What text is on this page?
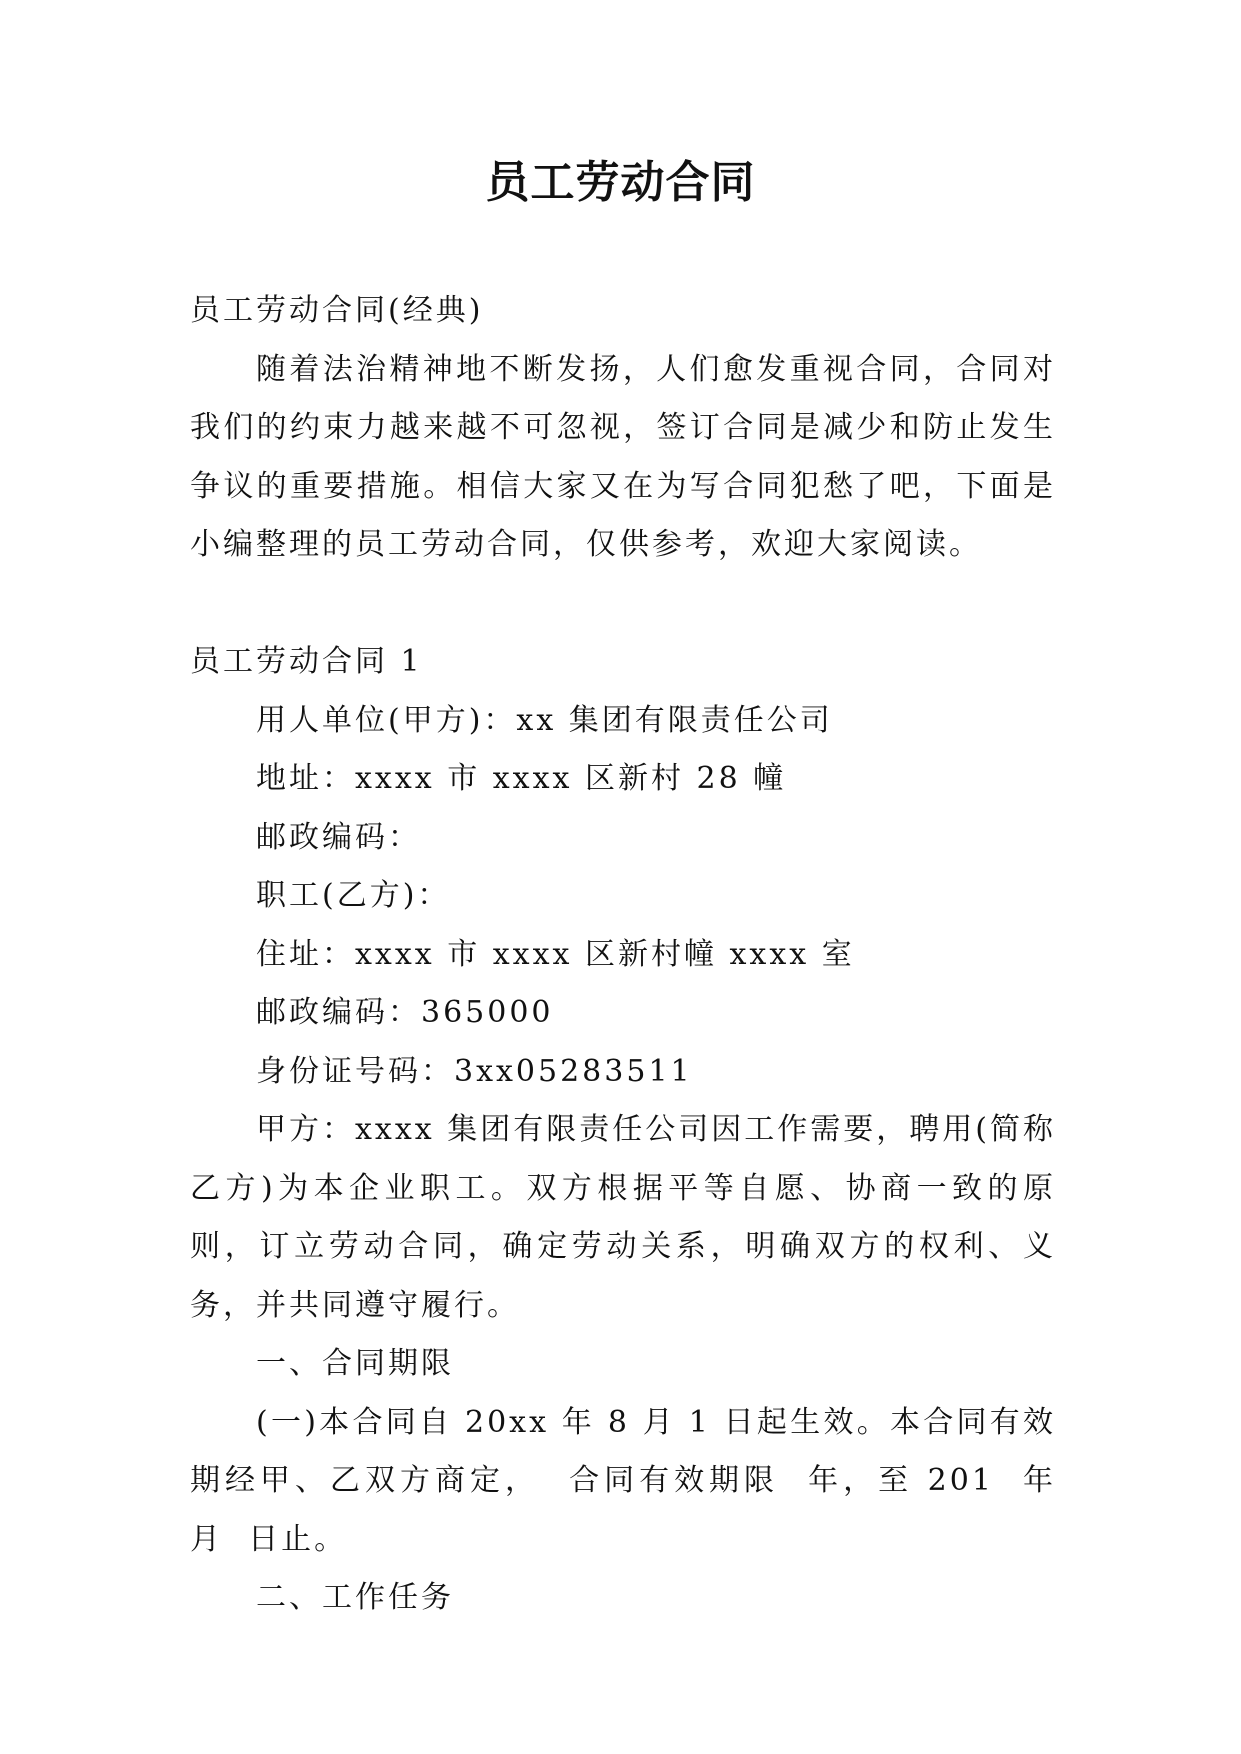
员工劳动合同

员工劳动合同(经典)

随着法治精神地不断发扬，人们愈发重视合同，合同对我们的约束力越来越不可忽视，签订合同是减少和防止发生争议的重要措施。相信大家又在为写合同犯愁了吧，下面是小编整理的员工劳动合同，仅供参考，欢迎大家阅读。

员工劳动合同 1

用人单位(甲方)：xx 集团有限责任公司

地址：xxxx 市 xxxx 区新村 28 幢

邮政编码：

职工(乙方)：

住址：xxxx 市 xxxx 区新村幢 xxxx 室

邮政编码：365000

身份证号码：3xx05283511

甲方：xxxx 集团有限责任公司因工作需要，聘用(简称乙方)为本企业职工。双方根据平等自愿、协商一致的原则，订立劳动合同，确定劳动关系，明确双方的权利、义务，并共同遵守履行。

一、合同期限

(一)本合同自 20xx 年 8 月 1 日起生效。本合同有效期经甲、乙双方商定，  合同有效期限  年，至 201  年  月  日止。

二、工作任务
